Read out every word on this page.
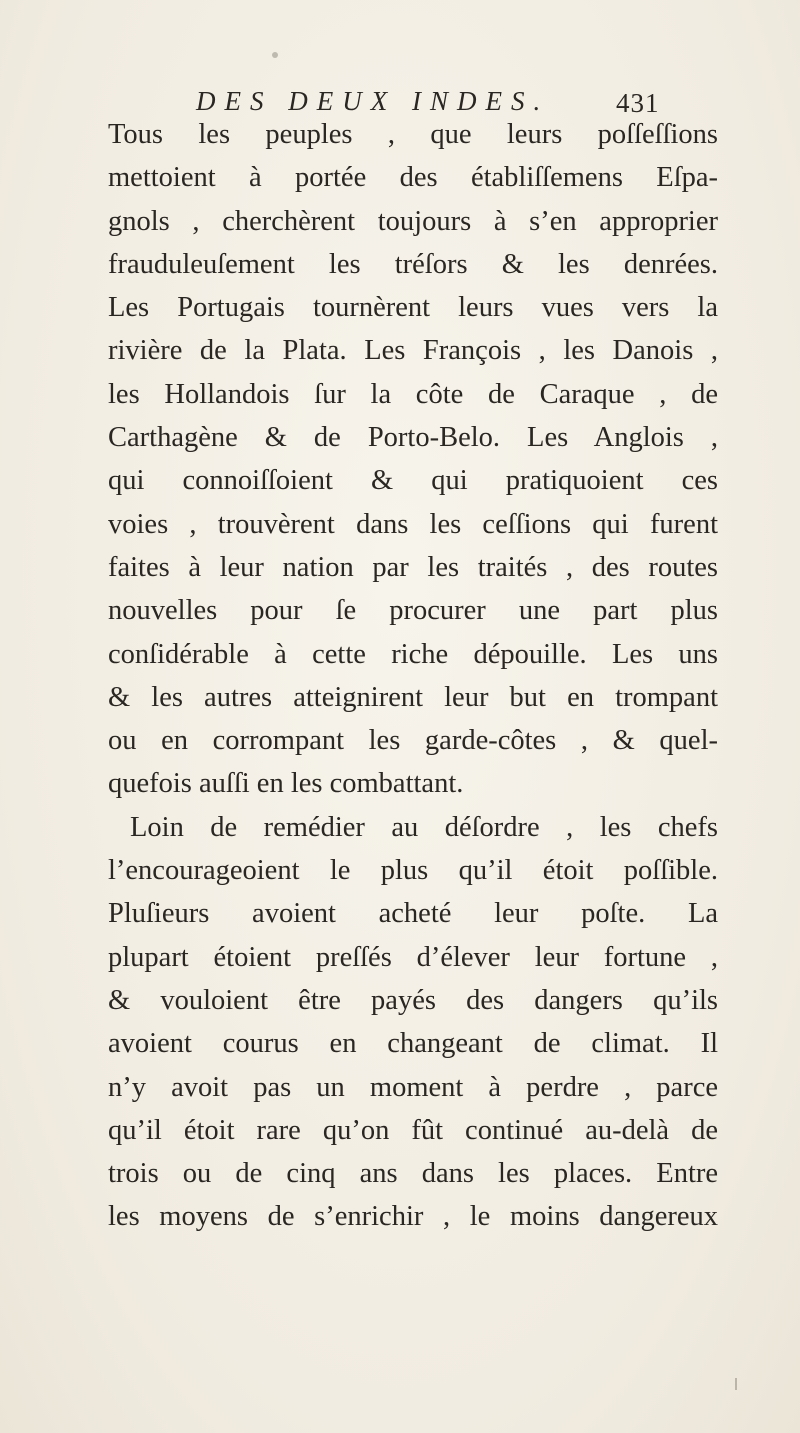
DES DEUX INDES. 431
Tous les peuples , que leurs poſſeſſions
mettoient à portée des établiſſemens Eſpa-
gnols , cherchèrent toujours à s’en approprier
frauduleuſement les tréſors & les denrées.
Les Portugais tournèrent leurs vues vers la
rivière de la Plata. Les François , les Danois ,
les Hollandois ſur la côte de Caraque , de
Carthagène & de Porto-Belo. Les Anglois ,
qui connoiſſoient & qui pratiquoient ces
voies , trouvèrent dans les ceſſions qui furent
faites à leur nation par les traités , des routes
nouvelles pour ſe procurer une part plus
conſidérable à cette riche dépouille. Les uns
& les autres atteignirent leur but en trompant
ou en corrompant les garde-côtes , & quel-
quefois auſſi en les combattant.
Loin de remédier au déſordre , les chefs
l’encourageoient le plus qu’il étoit poſſible.
Pluſieurs avoient acheté leur poſte. La
plupart étoient preſſés d’élever leur fortune ,
& vouloient être payés des dangers qu’ils
avoient courus en changeant de climat. Il
n’y avoit pas un moment à perdre , parce
qu’il étoit rare qu’on fût continué au-delà de
trois ou de cinq ans dans les places. Entre
les moyens de s’enrichir , le moins dangereux
